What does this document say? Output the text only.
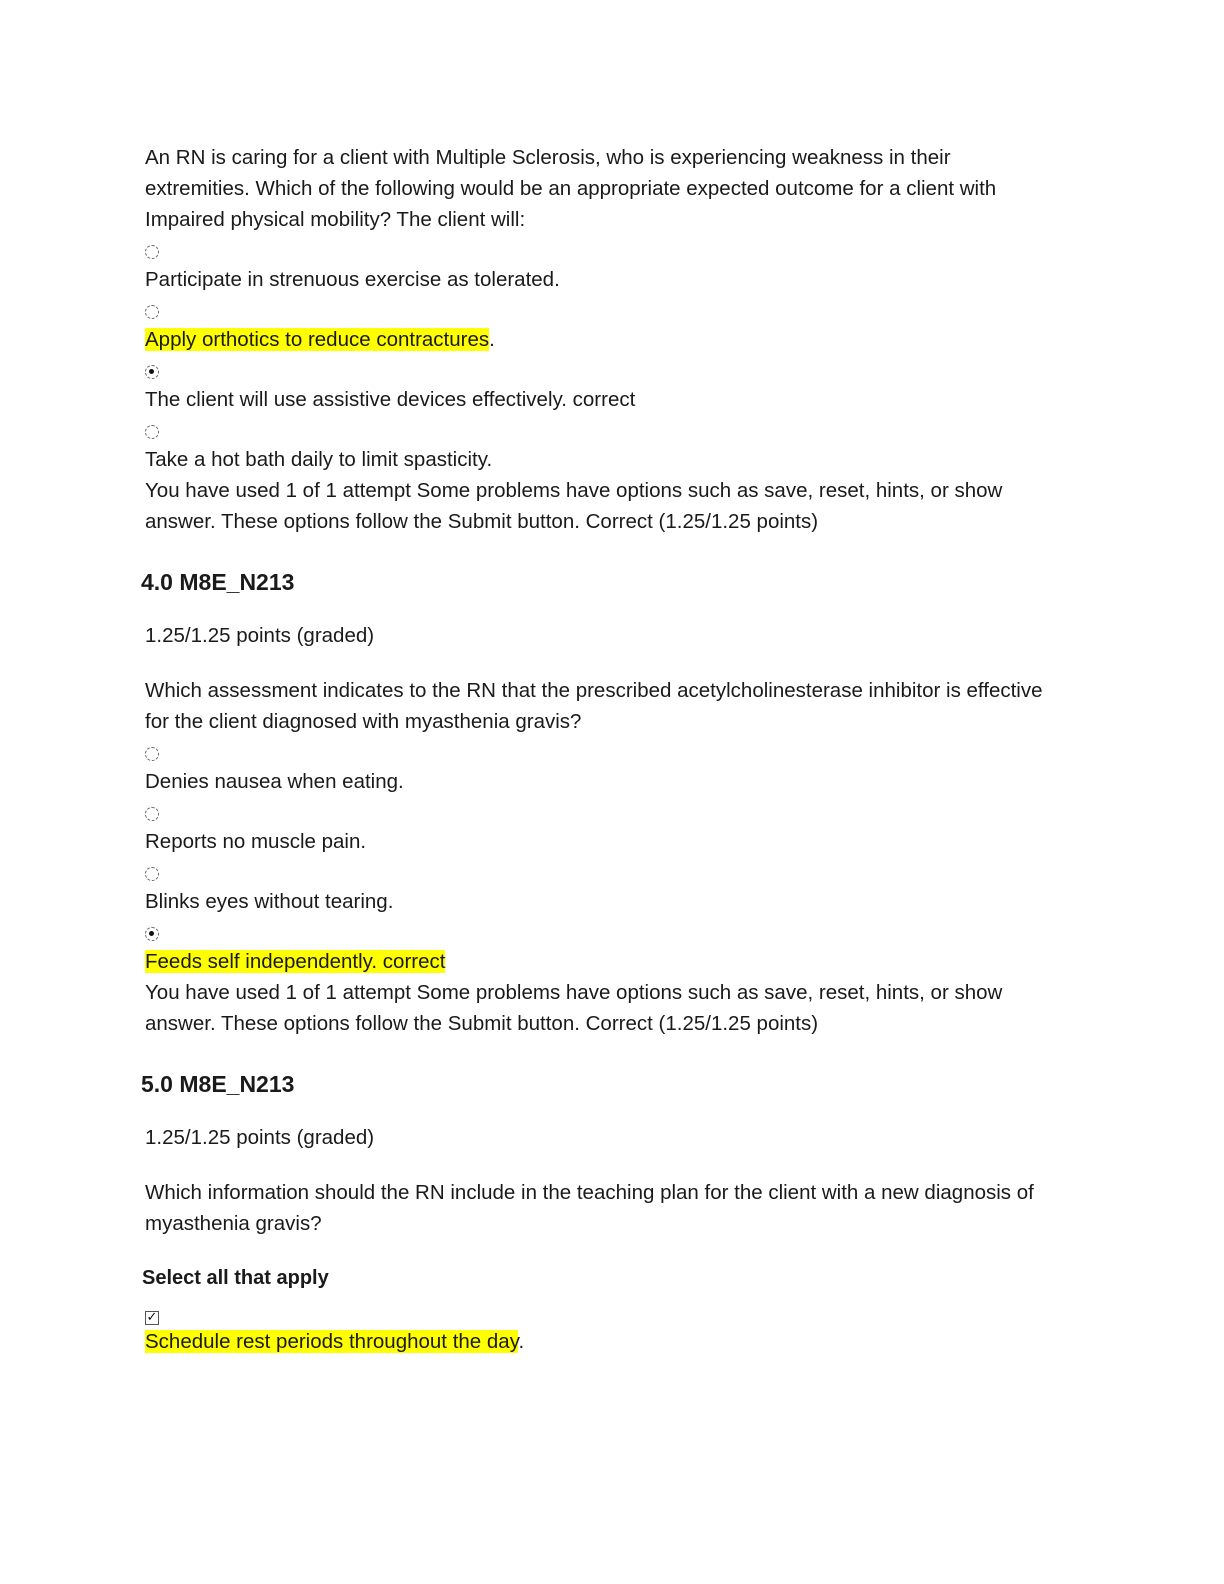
An RN is caring for a client with Multiple Sclerosis, who is experiencing weakness in their extremities. Which of the following would be an appropriate expected outcome for a client with Impaired physical mobility? The client will:

Participate in strenuous exercise as tolerated.

Apply orthotics to reduce contractures.

The client will use assistive devices effectively. correct

Take a hot bath daily to limit spasticity.

You have used 1 of 1 attempt Some problems have options such as save, reset, hints, or show answer. These options follow the Submit button. Correct (1.25/1.25 points)

4.0 M8E_N213

1.25/1.25 points (graded)

Which assessment indicates to the RN that the prescribed acetylcholinesterase inhibitor is effective for the client diagnosed with myasthenia gravis?

Denies nausea when eating.

Reports no muscle pain.

Blinks eyes without tearing.

Feeds self independently. correct

You have used 1 of 1 attempt Some problems have options such as save, reset, hints, or show answer. These options follow the Submit button. Correct (1.25/1.25 points)

5.0 M8E_N213

1.25/1.25 points (graded)

Which information should the RN include in the teaching plan for the client with a new diagnosis of myasthenia gravis?

Select all that apply

✓

Schedule rest periods throughout the day.
